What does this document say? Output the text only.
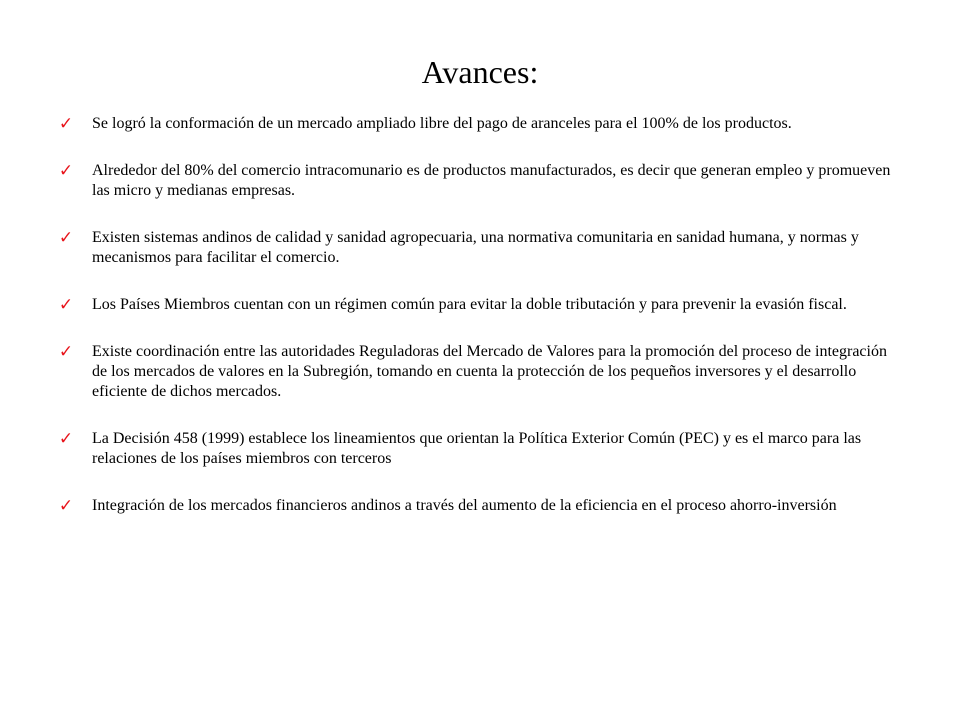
Avances:
✓ Se logró la conformación de un mercado ampliado libre del pago de aranceles para el 100% de los productos.
✓ Alrededor del 80% del comercio intracomunario es de productos manufacturados, es decir que generan empleo y promueven las micro y medianas empresas.
✓ Existen sistemas andinos de calidad y sanidad agropecuaria, una normativa comunitaria en sanidad humana, y normas y mecanismos para facilitar el comercio.
✓ Los Países Miembros cuentan con un régimen común para evitar la doble tributación y para prevenir la evasión fiscal.
✓ Existe coordinación entre las autoridades Reguladoras del Mercado de Valores para la promoción del proceso de integración de los mercados de valores en la Subregión, tomando en cuenta la protección de los pequeños inversores y el desarrollo eficiente de dichos mercados.
✓ La Decisión 458 (1999) establece los lineamientos que orientan la Política Exterior Común (PEC) y es el marco para las relaciones de los países miembros con terceros
✓ Integración de los mercados financieros andinos a través del aumento de la eficiencia en el proceso ahorro-inversión
